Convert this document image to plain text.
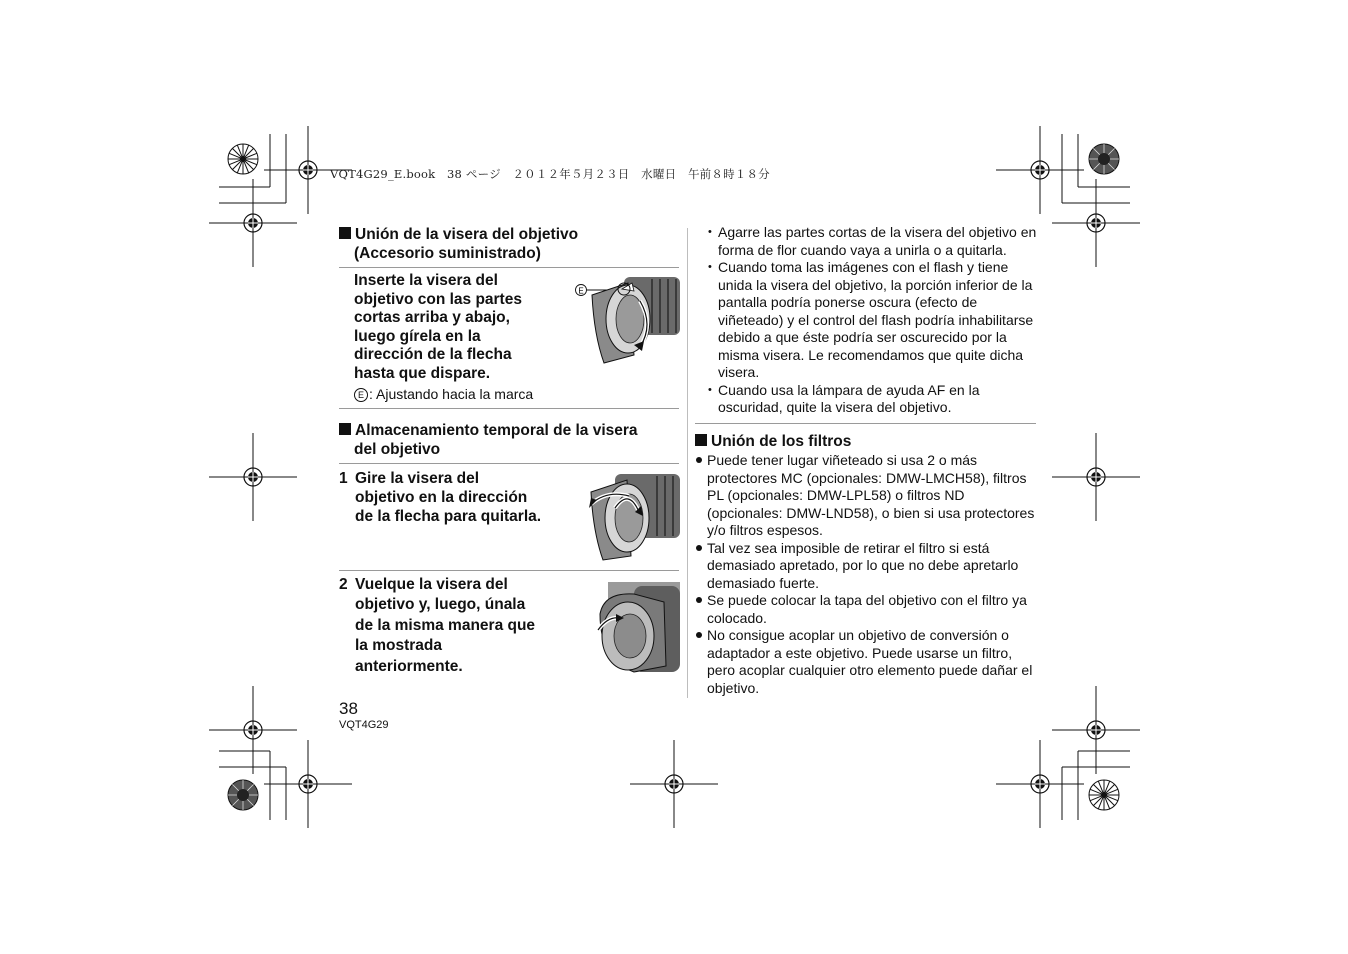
VQT4G29_E.book　38 ページ　２０１２年５月２３日　水曜日　午前８時１８分
Unión de la visera del objetivo
(Accesorio suministrado)
Inserte la visera del
objetivo con las partes
cortas arriba y abajo,
luego gírela en la
dirección de la flecha
hasta que dispare.
E
E : Ajustando hacia la marca
Almacenamiento temporal de la visera
del objetivo
1 Gire la visera del
objetivo en la dirección
de la flecha para quitarla.
2 Vuelque la visera del
objetivo y, luego, únala
de la misma manera que
la mostrada
anteriormente.
38
VQT4G29
• Agarre las partes cortas de la visera del objetivo en forma de flor cuando vaya a unirla o a quitarla.
• Cuando toma las imágenes con el flash y tiene unida la visera del objetivo, la porción inferior de la pantalla podría ponerse oscura (efecto de viñeteado) y el control del flash podría inhabilitarse debido a que éste podría ser oscurecido por la misma visera. Le recomendamos que quite dicha visera.
• Cuando usa la lámpara de ayuda AF en la oscuridad, quite la visera del objetivo.
Unión de los filtros
Puede tener lugar viñeteado si usa 2 o más protectores MC (opcionales: DMW-LMCH58), filtros PL (opcionales: DMW-LPL58) o filtros ND (opcionales: DMW-LND58), o bien si usa protectores y/o filtros espesos.
Tal vez sea imposible de retirar el filtro si está demasiado apretado, por lo que no debe apretarlo demasiado fuerte.
Se puede colocar la tapa del objetivo con el filtro ya colocado.
No consigue acoplar un objetivo de conversión o adaptador a este objetivo. Puede usarse un filtro, pero acoplar cualquier otro elemento puede dañar el objetivo.
